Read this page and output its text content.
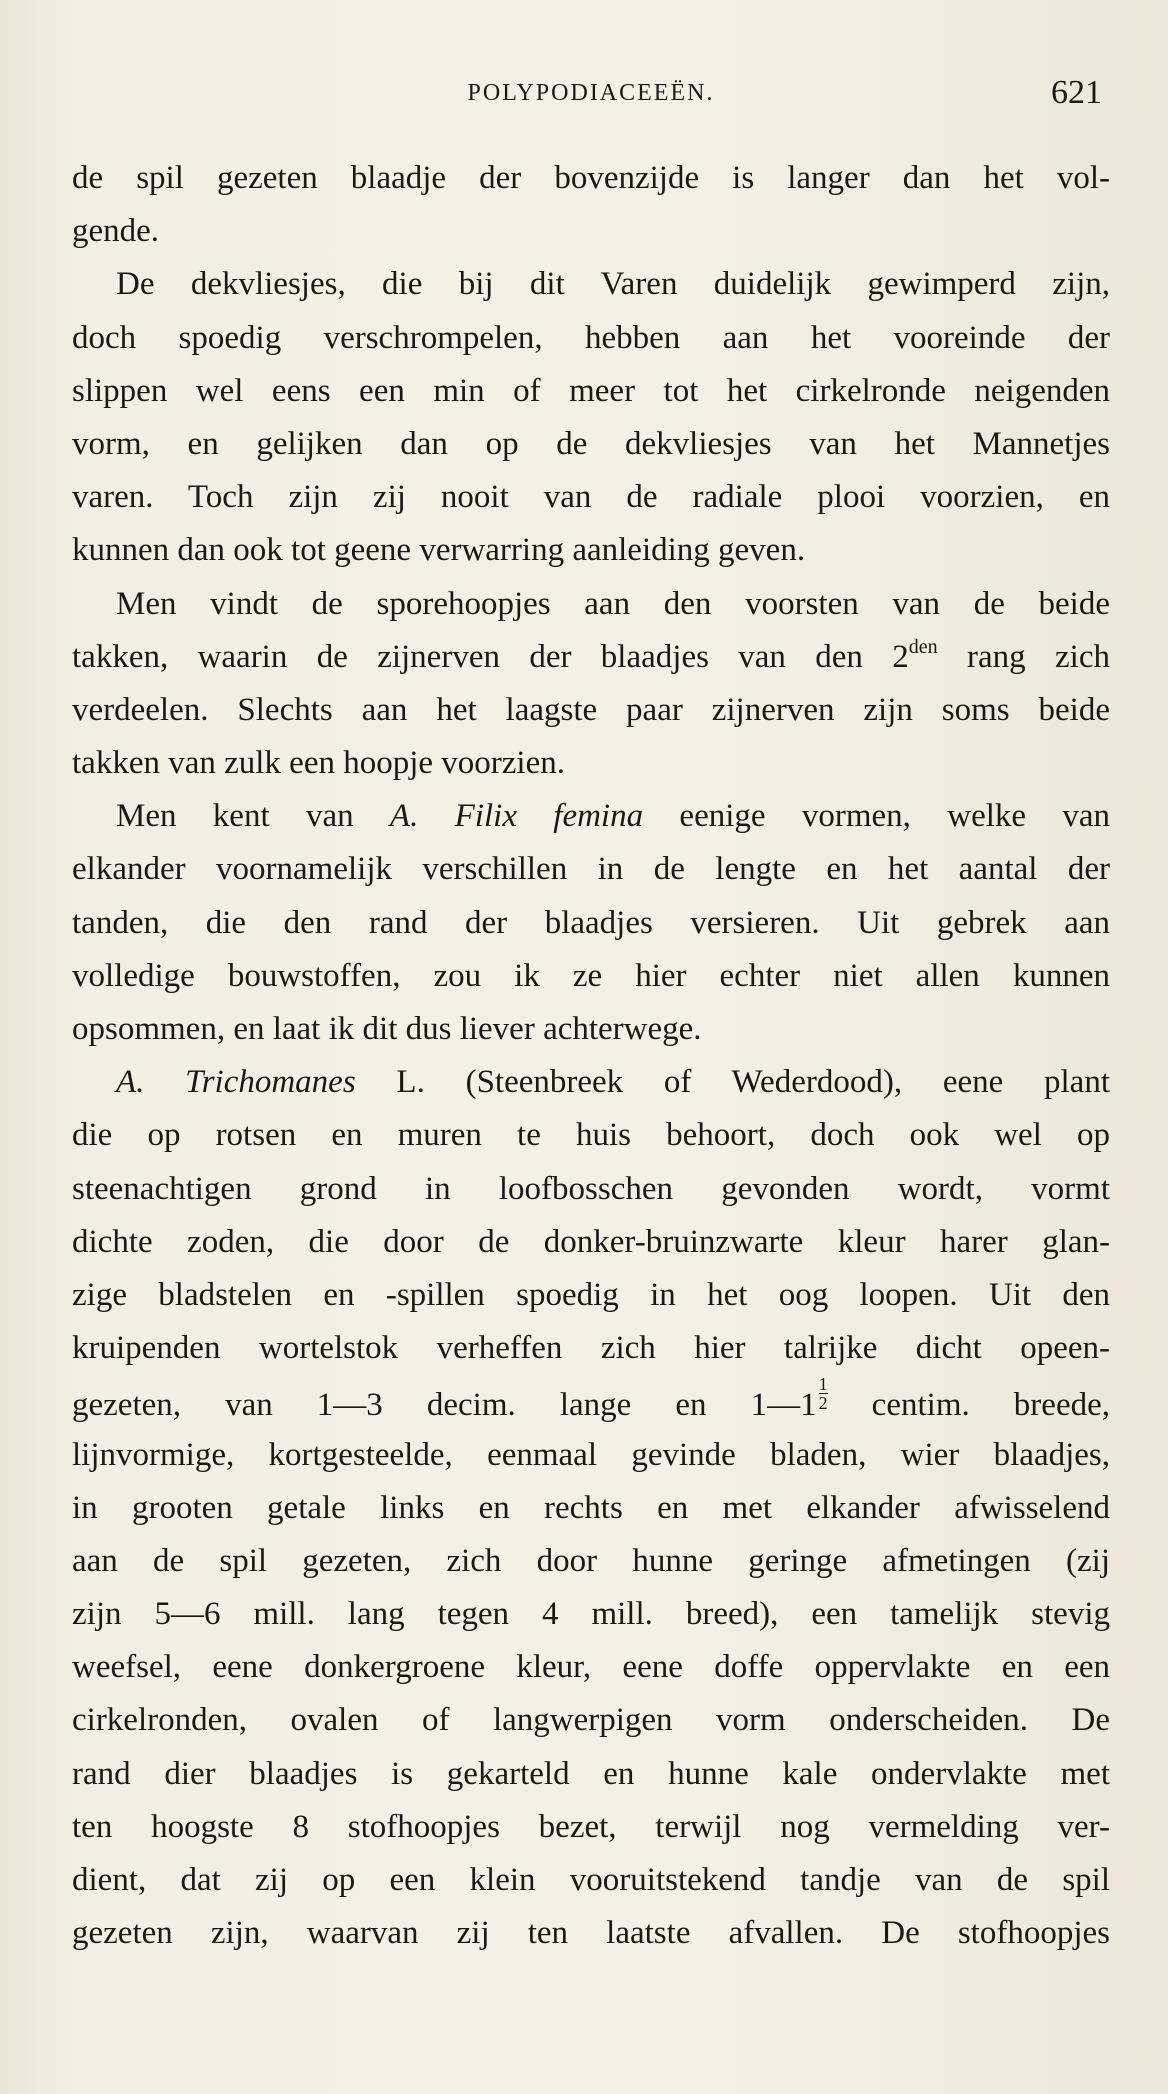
POLYPODIACEEËN.	621
de spil gezeten blaadje der bovenzijde is langer dan het vol-
gende.
De dekvliesjes, die bij dit Varen duidelijk gewimperd zijn,
doch spoedig verschrompelen, hebben aan het vooreinde der
slippen wel eens een min of meer tot het cirkelronde neigenden
vorm, en gelijken dan op de dekvliesjes van het Mannetjes
varen. Toch zijn zij nooit van de radiale plooi voorzien, en
kunnen dan ook tot geene verwarring aanleiding geven.
Men vindt de sporehoopjes aan den voorsten van de beide
takken, waarin de zijnerven der blaadjes van den $2^{den}$ rang zich
verdeelen. Slechts aan het laagste paar zijnerven zijn soms beide
takken van zulk een hoopje voorzien.
Men kent van A. Filix femina eenige vormen, welke van
elkander voornamelijk verschillen in de lengte en het aantal der
tanden, die den rand der blaadjes versieren. Uit gebrek aan
volledige bouwstoffen, zou ik ze hier echter niet allen kunnen
opsommen, en laat ik dit dus liever achterwege.
A. Trichomanes L. (Steenbreek of Wederdood), eene plant
die op rotsen en muren te huis behoort, doch ook wel op
steenachtigen grond in loofbosschen gevonden wordt, vormt
dichte zoden, die door de donker-bruinzwarte kleur harer glan-
zige bladstelen en -spillen spoedig in het oog loopen. Uit den
kruipenden wortelstok verheffen zich hier talrijke dicht opeen-
gezeten, van 1—3 decim. lange en 1—1 $\frac{1}{2}$ centim. breede,
lijnvormige, kortgesteelde, eenmaal gevinde bladen, wier blaadjes,
in grooten getale links en rechts en met elkander afwisselend
aan de spil gezeten, zich door hunne geringe afmetingen (zij
zijn 5—6 mill. lang tegen 4 mill. breed), een tamelijk stevig
weefsel, eene donkergroene kleur, eene doffe oppervlakte en een
cirkelronden, ovalen of langwerpigen vorm onderscheiden. De
rand dier blaadjes is gekarteld en hunne kale ondervlakte met
ten hoogste 8 stofhoopjes bezet, terwijl nog vermelding ver-
dient, dat zij op een klein vooruitstekend tandje van de spil
gezeten zijn, waarvan zij ten laatste afvallen. De stofhoopjes
